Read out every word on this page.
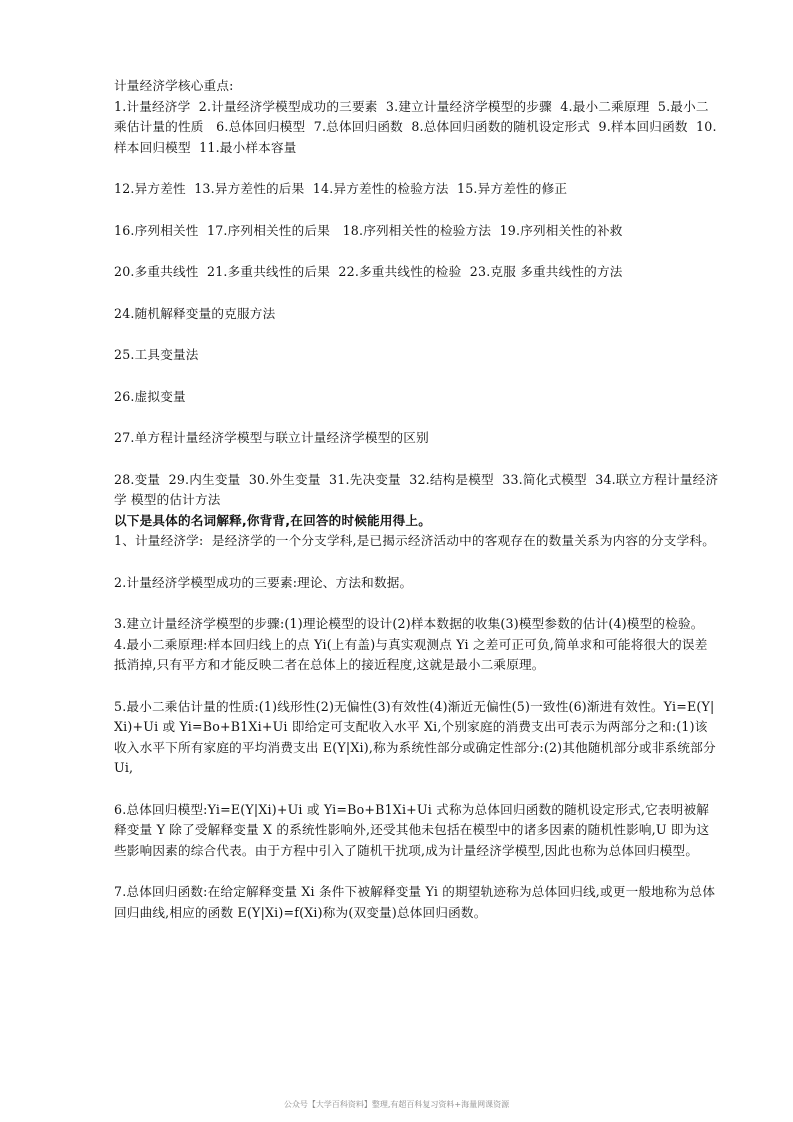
计量经济学核心重点:

1.计量经济学  2.计量经济学模型成功的三要素  3.建立计量经济学模型的步骤  4.最小二乘原理  5.最小二乘估计量的性质   6.总体回归模型  7.总体回归函数  8.总体回归函数的随机设定形式  9.样本回归函数  10.样本回归模型  11.最小样本容量

12.异方差性  13.异方差性的后果  14.异方差性的检验方法  15.异方差性的修正

16.序列相关性  17.序列相关性的后果   18.序列相关性的检验方法  19.序列相关性的补救

20.多重共线性  21.多重共线性的后果  22.多重共线性的检验  23.克服 多重共线性的方法

24.随机解释变量的克服方法

25.工具变量法

26.虚拟变量

27.单方程计量经济学模型与联立计量经济学模型的区别

28.变量  29.内生变量  30.外生变量  31.先决变量  32.结构是模型  33.简化式模型  34.联立方程计量经济学 模型的估计方法

以下是具体的名词解释,你背背,在回答的时候能用得上。

1、计量经济学:  是经济学的一个分支学科,是已揭示经济活动中的客观存在的数量关系为内容的分支学科。

2.计量经济学模型成功的三要素:理论、方法和数据。

3.建立计量经济学模型的步骤:(1)理论模型的设计(2)样本数据的收集(3)模型参数的估计(4)模型的检验。

4.最小二乘原理:样本回归线上的点 Yi(上有盖)与真实观测点 Yi 之差可正可负,简单求和可能将很大的误差抵消掉,只有平方和才能反映二者在总体上的接近程度,这就是最小二乘原理。

5.最小二乘估计量的性质:(1)线形性(2)无偏性(3)有效性(4)渐近无偏性(5)一致性(6)渐进有效性。Yi=E(Y|Xi)+Ui 或 Yi=Bo+B1Xi+Ui 即给定可支配收入水平 Xi,个别家庭的消费支出可表示为两部分之和:(1)该收入水平下所有家庭的平均消费支出 E(Y|Xi),称为系统性部分或确定性部分:(2)其他随机部分或非系统部分 Ui,

6.总体回归模型:Yi=E(Y|Xi)+Ui 或 Yi=Bo+B1Xi+Ui 式称为总体回归函数的随机设定形式,它表明被解释变量 Y 除了受解释变量 X 的系统性影响外,还受其他未包括在模型中的诸多因素的随机性影响,U 即为这些影响因素的综合代表。由于方程中引入了随机干扰项,成为计量经济学模型,因此也称为总体回归模型。

7.总体回归函数:在给定解释变量 Xi 条件下被解释变量 Yi 的期望轨迹称为总体回归线,或更一般地称为总体回归曲线,相应的函数 E(Y|Xi)=f(Xi)称为(双变量)总体回归函数。

公众号【大学百科资料】整理,有超百科复习资料+海量网课资源
